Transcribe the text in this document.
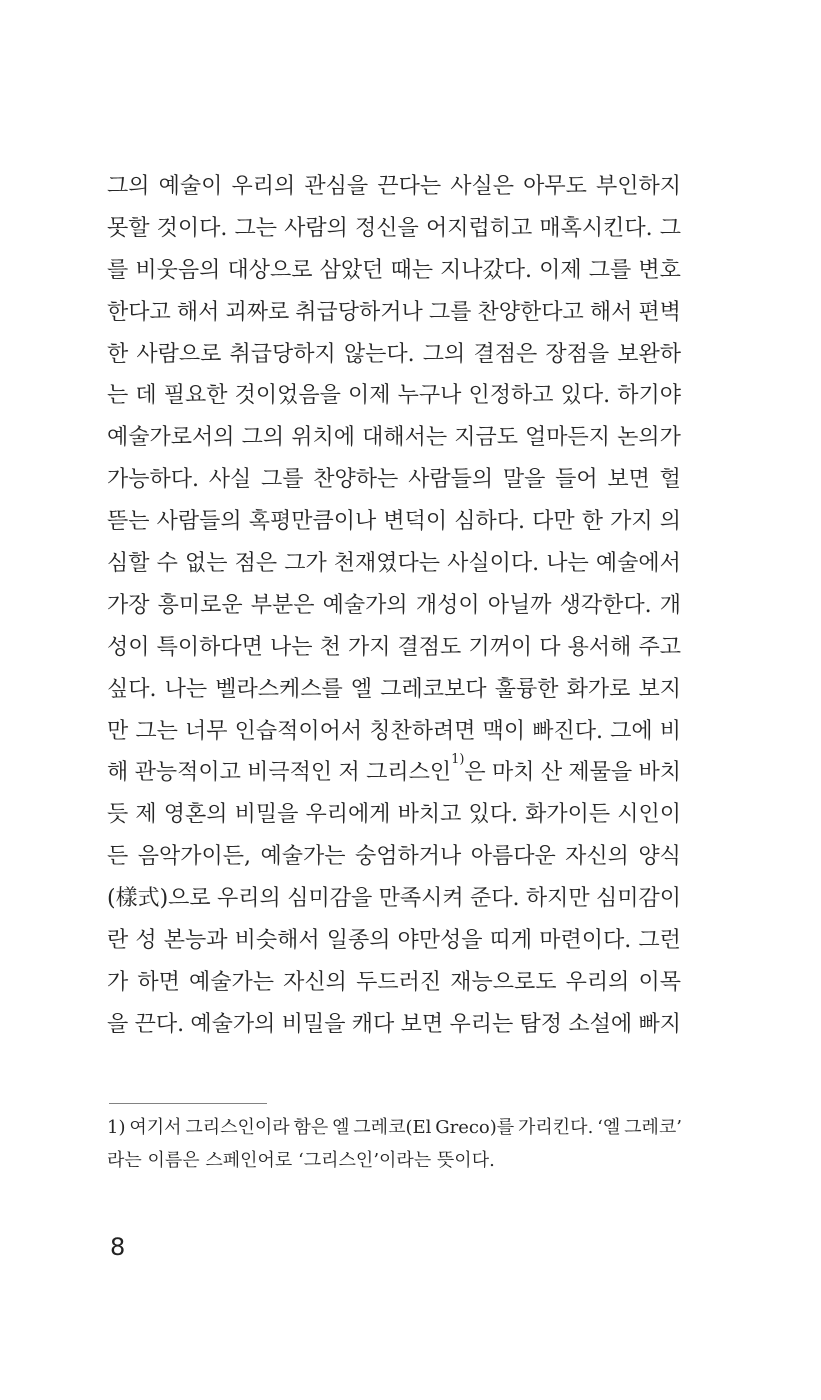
그의 예술이 우리의 관심을 끈다는 사실은 아무도 부인하지
못할 것이다. 그는 사람의 정신을 어지럽히고 매혹시킨다. 그
를 비웃음의 대상으로 삼았던 때는 지나갔다. 이제 그를 변호
한다고 해서 괴짜로 취급당하거나 그를 찬양한다고 해서 편벽
한 사람으로 취급당하지 않는다. 그의 결점은 장점을 보완하
는 데 필요한 것이었음을 이제 누구나 인정하고 있다. 하기야
예술가로서의 그의 위치에 대해서는 지금도 얼마든지 논의가
가능하다. 사실 그를 찬양하는 사람들의 말을 들어 보면 헐
뜯는 사람들의 혹평만큼이나 변덕이 심하다. 다만 한 가지 의
심할 수 없는 점은 그가 천재였다는 사실이다. 나는 예술에서
가장 흥미로운 부분은 예술가의 개성이 아닐까 생각한다. 개
성이 특이하다면 나는 천 가지 결점도 기꺼이 다 용서해 주고
싶다. 나는 벨라스케스를 엘 그레코보다 훌륭한 화가로 보지
만 그는 너무 인습적이어서 칭찬하려면 맥이 빠진다. 그에 비
해 관능적이고 비극적인 저 그리스인$^{1)}$은 마치 산 제물을 바치
듯 제 영혼의 비밀을 우리에게 바치고 있다. 화가이든 시인이
든 음악가이든, 예술가는 숭엄하거나 아름다운 자신의 양식
(樣式)으로 우리의 심미감을 만족시켜 준다. 하지만 심미감이
란 성 본능과 비슷해서 일종의 야만성을 띠게 마련이다. 그런
가 하면 예술가는 자신의 두드러진 재능으로도 우리의 이목
을 끈다. 예술가의 비밀을 캐다 보면 우리는 탐정 소설에 빠지
1) 여기서 그리스인이라 함은 엘 그레코(El Greco)를 가리킨다. ‘엘 그레코’
라는 이름은 스페인어로 ‘그리스인’이라는 뜻이다.
8
